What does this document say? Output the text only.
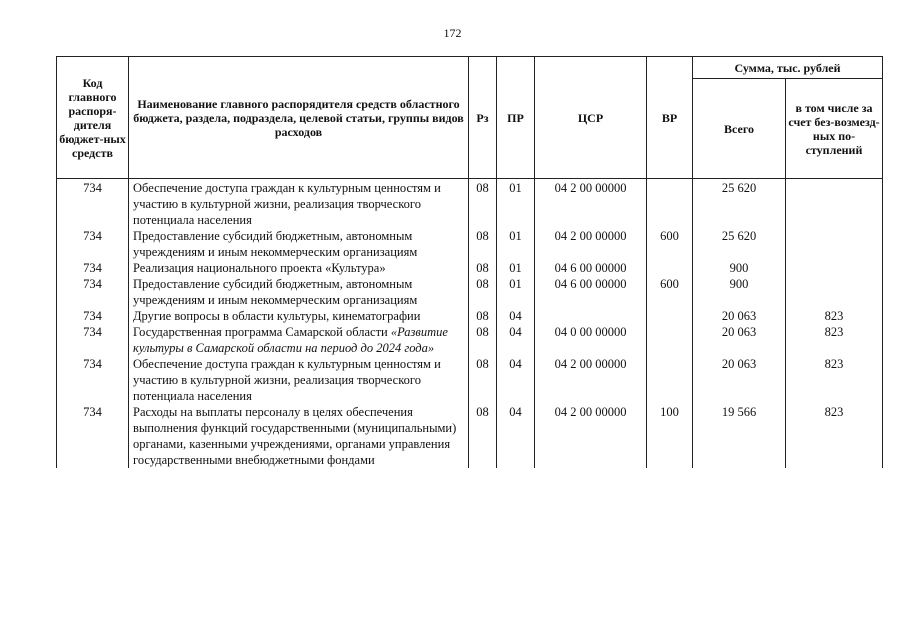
172
Код главного распоря-дителя бюджет-ных средств	Наименование главного распорядителя средств областного бюджета, раздела, подраздела, целевой статьи, группы видов расходов	Рз	ПР	ЦСР	ВР	Сумма, тыс. рублей	
						Всего	в том числе за счет без-возмезд-ных по-ступлений
734	Обеспечение доступа граждан к культурным ценностям и участию в культурной жизни, реализация творческого потенциала населения	08	01	04 2 00 00000		25 620	
734	Предоставление субсидий бюджетным, автономным учреждениям и иным некоммерческим организациям	08	01	04 2 00 00000	600	25 620	
734	Реализация национального проекта «Культура»	08	01	04 6 00 00000		900	
734	Предоставление субсидий бюджетным, автономным учреждениям и иным некоммерческим организациям	08	01	04 6 00 00000	600	900	
734	Другие вопросы в области культуры, кинематографии	08	04			20 063	823
734	Государственная программа Самарской области «Развитие культуры в Самарской области на период до 2024 года»	08	04	04 0 00 00000		20 063	823
734	Обеспечение доступа граждан к культурным ценностям и участию в культурной жизни, реализация творческого потенциала населения	08	04	04 2 00 00000		20 063	823
734	Расходы на выплаты персоналу в целях обеспечения выполнения функций государственными (муниципальными) органами, казенными учреждениями, органами управления государственными внебюджетными фондами	08	04	04 2 00 00000	100	19 566	823
